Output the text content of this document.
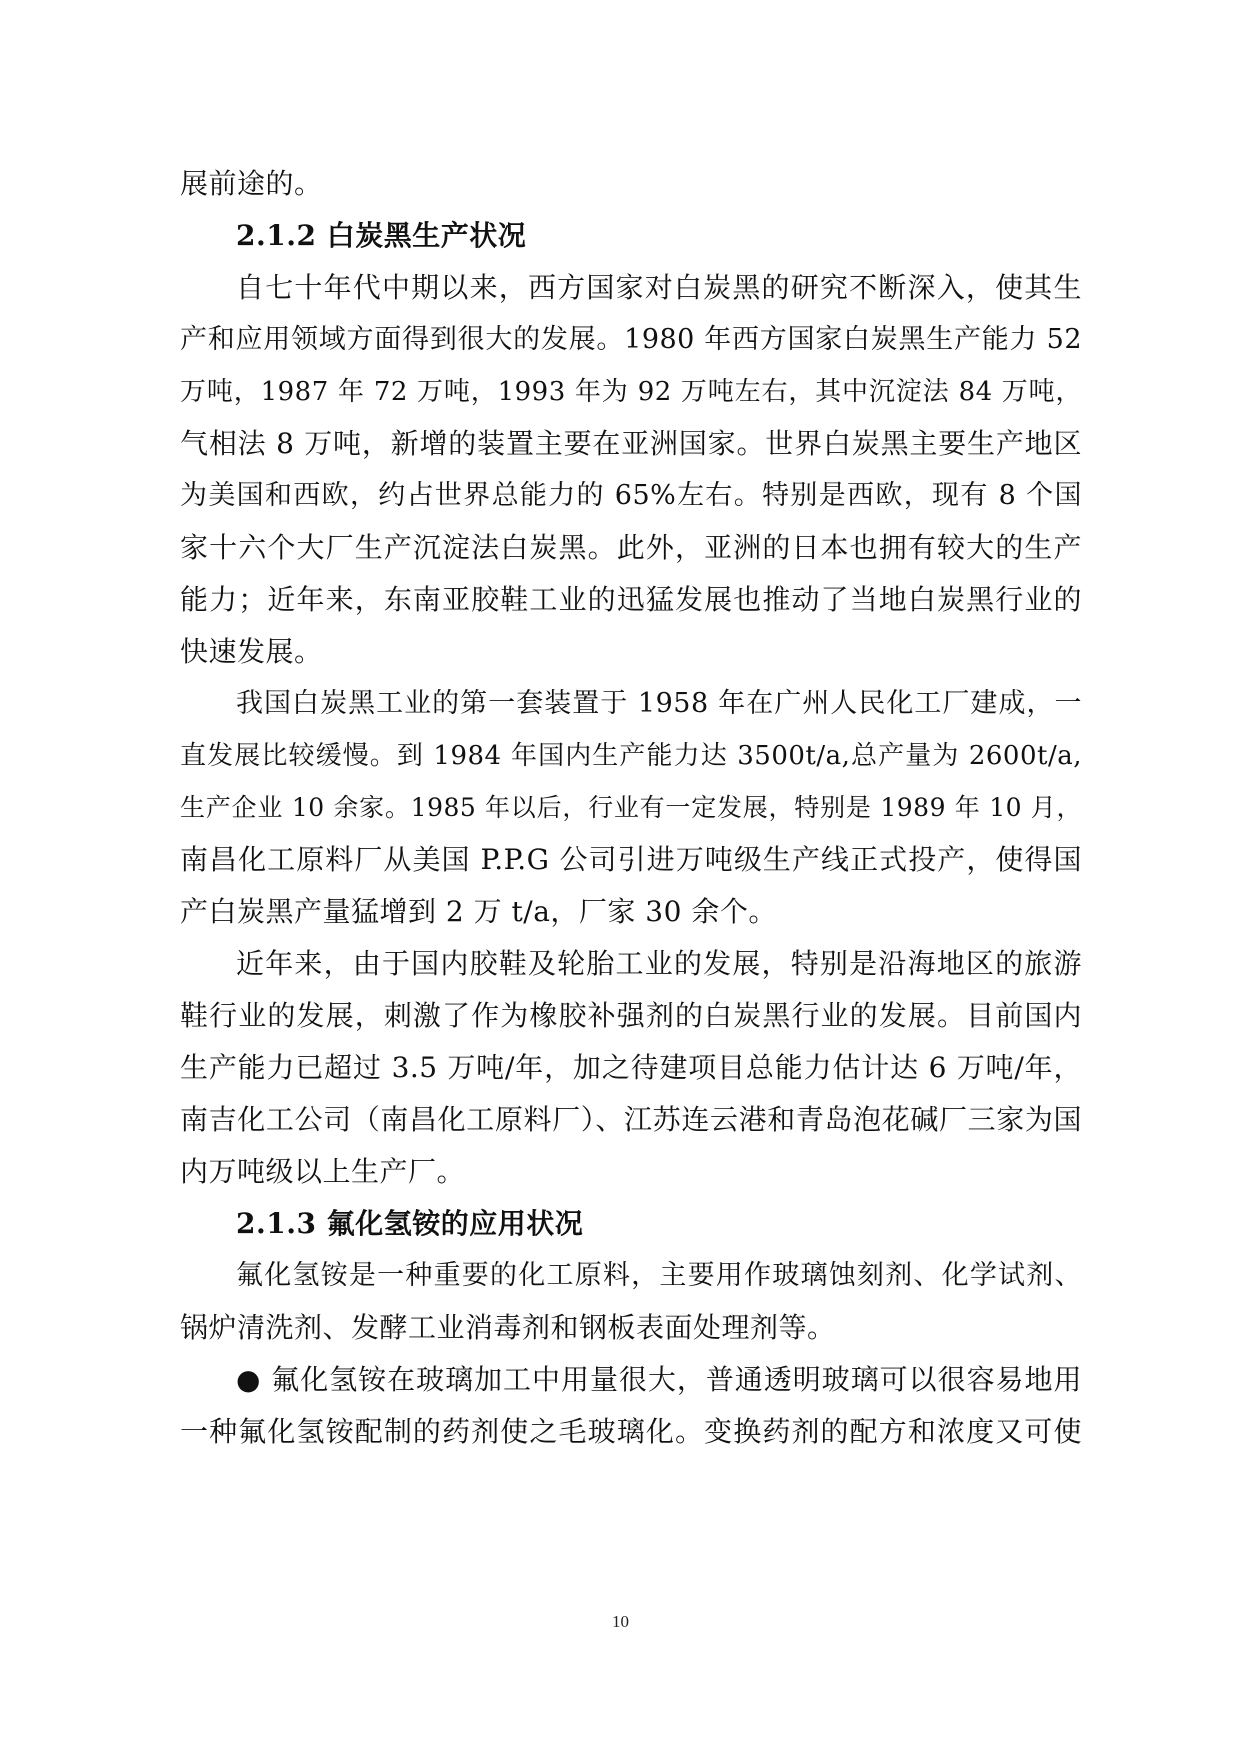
展前途的。
2.1.2 白炭黑生产状况
自七十年代中期以来，西方国家对白炭黑的研究不断深入，使其生
产和应用领域方面得到很大的发展。1980 年西方国家白炭黑生产能力 52
万吨，1987 年 72 万吨，1993 年为 92 万吨左右，其中沉淀法 84 万吨，
气相法 8 万吨，新增的装置主要在亚洲国家。世界白炭黑主要生产地区
为美国和西欧，约占世界总能力的 65%左右。特别是西欧，现有 8 个国
家十六个大厂生产沉淀法白炭黑。此外，亚洲的日本也拥有较大的生产
能力；近年来，东南亚胶鞋工业的迅猛发展也推动了当地白炭黑行业的
快速发展。
我国白炭黑工业的第一套装置于 1958 年在广州人民化工厂建成，一
直发展比较缓慢。到 1984 年国内生产能力达 3500t/a,总产量为 2600t/a,
生产企业 10 余家。1985 年以后，行业有一定发展，特别是 1989 年 10 月，
南昌化工原料厂从美国 P.P.G 公司引进万吨级生产线正式投产，使得国
产白炭黑产量猛增到 2 万 t/a，厂家 30 余个。
近年来，由于国内胶鞋及轮胎工业的发展，特别是沿海地区的旅游
鞋行业的发展，刺激了作为橡胶补强剂的白炭黑行业的发展。目前国内
生产能力已超过 3.5 万吨/年，加之待建项目总能力估计达 6 万吨/年，
南吉化工公司（南昌化工原料厂）、江苏连云港和青岛泡花碱厂三家为国
内万吨级以上生产厂。
2.1.3 氟化氢铵的应用状况
氟化氢铵是一种重要的化工原料，主要用作玻璃蚀刻剂、化学试剂、
锅炉清洗剂、发酵工业消毒剂和钢板表面处理剂等。
● 氟化氢铵在玻璃加工中用量很大，普通透明玻璃可以很容易地用
一种氟化氢铵配制的药剂使之毛玻璃化。变换药剂的配方和浓度又可使
10
